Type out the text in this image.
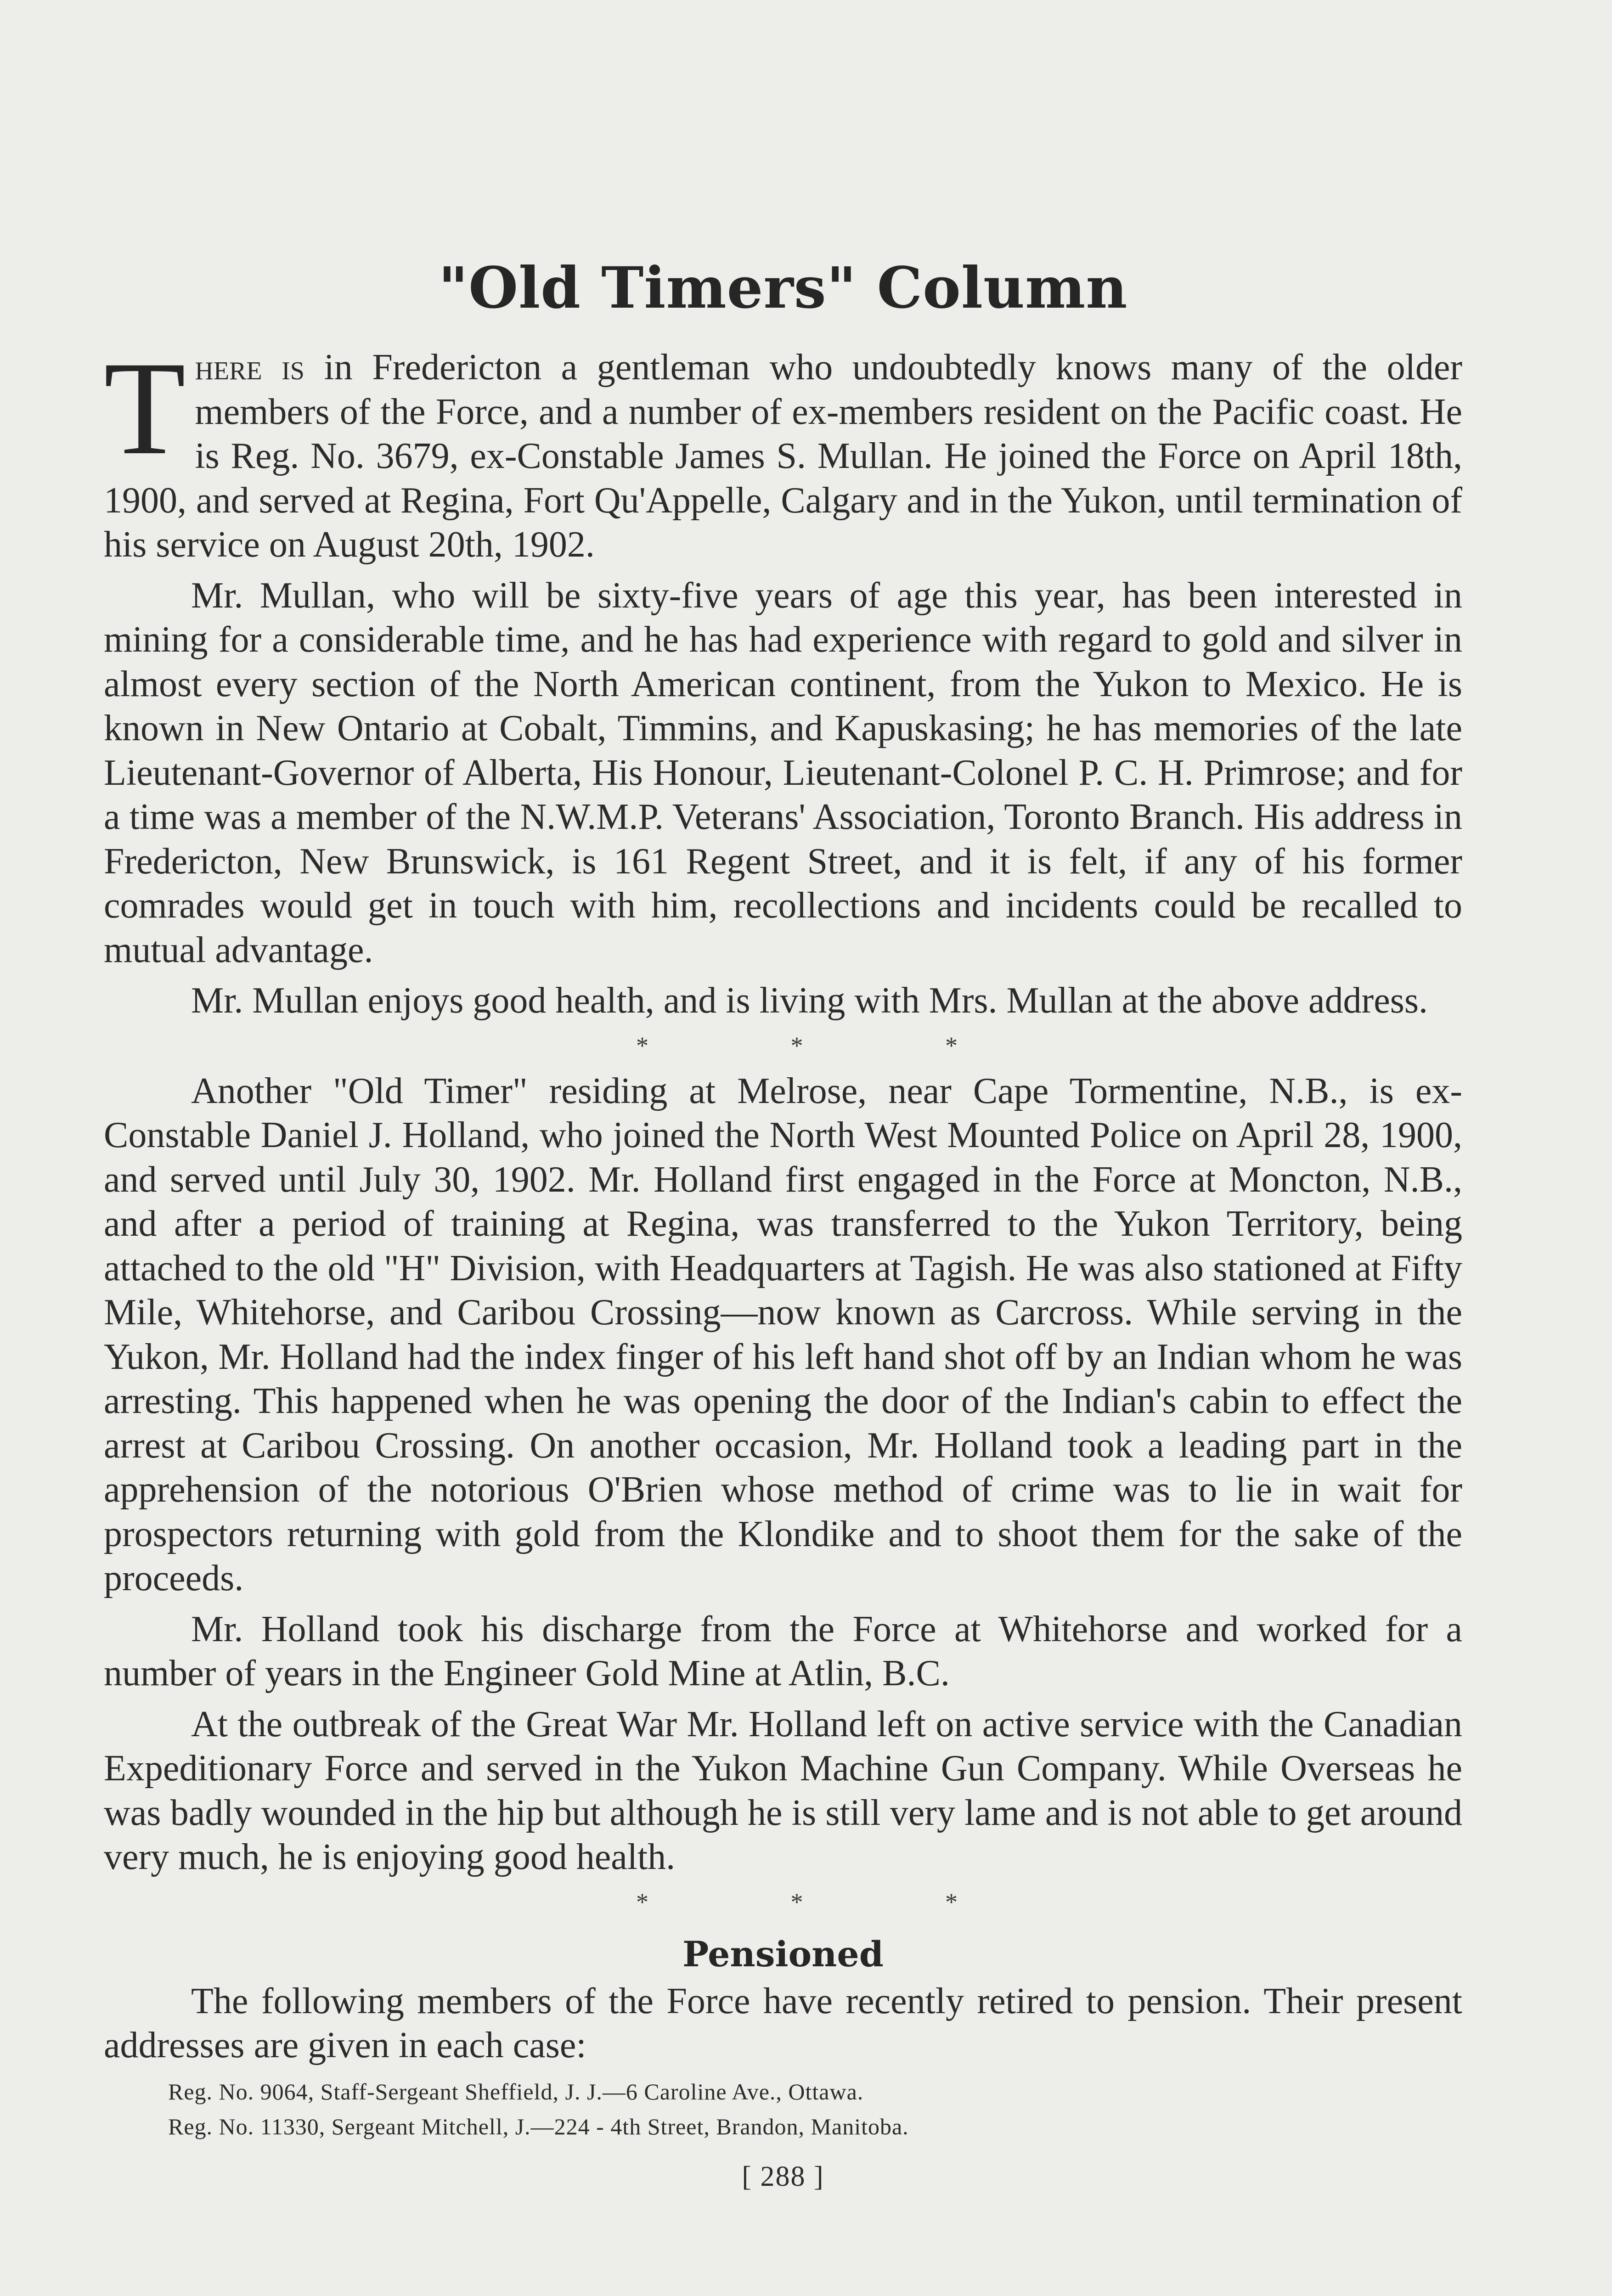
"Old Timers" Column

There is in Fredericton a gentleman who undoubtedly knows many of the older members of the Force, and a number of ex-members resident on the Pacific coast. He is Reg. No. 3679, ex-Constable James S. Mullan. He joined the Force on April 18th, 1900, and served at Regina, Fort Qu'Appelle, Calgary and in the Yukon, until termination of his service on August 20th, 1902.

Mr. Mullan, who will be sixty-five years of age this year, has been interested in mining for a considerable time, and he has had experience with regard to gold and silver in almost every section of the North American continent, from the Yukon to Mexico. He is known in New Ontario at Cobalt, Timmins, and Kapuskasing; he has memories of the late Lieutenant-Governor of Alberta, His Honour, Lieutenant-Colonel P. C. H. Primrose; and for a time was a member of the N.W.M.P. Veterans' Association, Toronto Branch. His address in Fredericton, New Brunswick, is 161 Regent Street, and it is felt, if any of his former comrades would get in touch with him, recollections and incidents could be recalled to mutual advantage.

Mr. Mullan enjoys good health, and is living with Mrs. Mullan at the above address.

*	*	*

Another "Old Timer" residing at Melrose, near Cape Tormentine, N.B., is ex-Constable Daniel J. Holland, who joined the North West Mounted Police on April 28, 1900, and served until July 30, 1902. Mr. Holland first engaged in the Force at Moncton, N.B., and after a period of training at Regina, was transferred to the Yukon Territory, being attached to the old "H" Division, with Headquarters at Tagish. He was also stationed at Fifty Mile, Whitehorse, and Caribou Crossing—now known as Carcross. While serving in the Yukon, Mr. Holland had the index finger of his left hand shot off by an Indian whom he was arresting. This happened when he was opening the door of the Indian's cabin to effect the arrest at Caribou Crossing. On another occasion, Mr. Holland took a leading part in the apprehension of the notorious O'Brien whose method of crime was to lie in wait for prospectors returning with gold from the Klondike and to shoot them for the sake of the proceeds.

Mr. Holland took his discharge from the Force at Whitehorse and worked for a number of years in the Engineer Gold Mine at Atlin, B.C.

At the outbreak of the Great War Mr. Holland left on active service with the Canadian Expeditionary Force and served in the Yukon Machine Gun Company. While Overseas he was badly wounded in the hip but although he is still very lame and is not able to get around very much, he is enjoying good health.

*	*	*
Pensioned

The following members of the Force have recently retired to pension. Their present addresses are given in each case:

Reg. No. 9064, Staff-Sergeant Sheffield, J. J.—6 Caroline Ave., Ottawa.
Reg. No. 11330, Sergeant Mitchell, J.—224 - 4th Street, Brandon, Manitoba.
[ 288 ]
